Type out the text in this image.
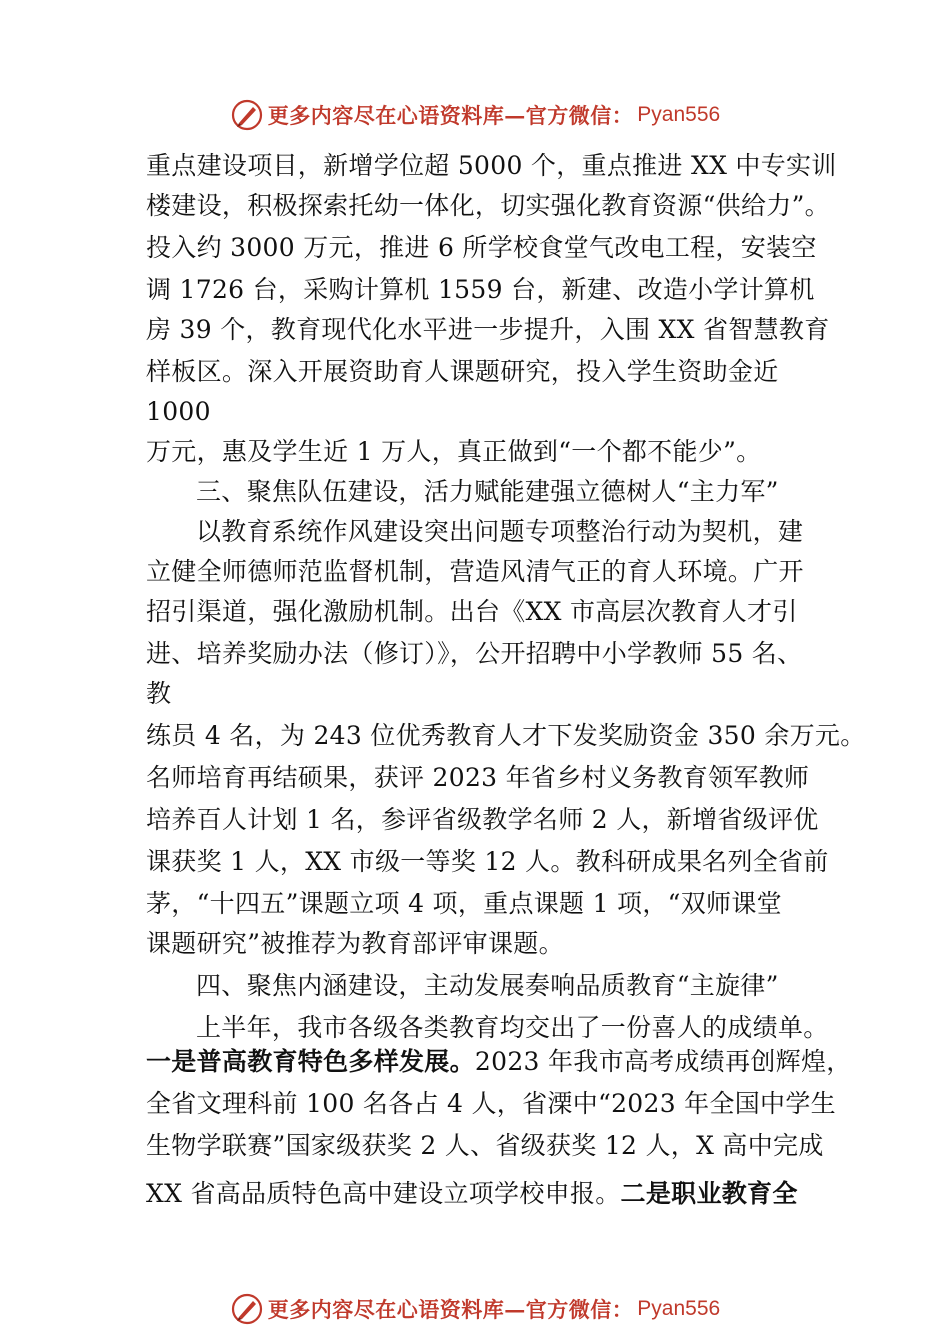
更多内容尽在心语资料库—官方微信： Pyan556
重点建设项目，新增学位超 5000 个，重点推进 XX 中专实训
楼建设，积极探索托幼一体化，切实强化教育资源“供给力”。
投入约 3000 万元，推进 6 所学校食堂气改电工程，安装空
调 1726 台，采购计算机 1559 台，新建、改造小学计算机
房 39 个，教育现代化水平进一步提升，入围 XX 省智慧教育
样板区。深入开展资助育人课题研究，投入学生资助金近
1000
万元，惠及学生近 1 万人，真正做到“一个都不能少”。
三、聚焦队伍建设，活力赋能建强立德树人“主力军”
以教育系统作风建设突出问题专项整治行动为契机，建
立健全师德师范监督机制，营造风清气正的育人环境。广开
招引渠道，强化激励机制。出台《XX 市高层次教育人才引
进、培养奖励办法（修订）》，公开招聘中小学教师 55 名、
教
练员 4 名，为 243 位优秀教育人才下发奖励资金 350 余万元。
名师培育再结硕果，获评 2023 年省乡村义务教育领军教师
培养百人计划 1 名，参评省级教学名师 2 人，新增省级评优
课获奖 1 人，XX 市级一等奖 12 人。教科研成果名列全省前
茅，“十四五”课题立项 4 项，重点课题 1 项，“双师课堂
课题研究”被推荐为教育部评审课题。
四、聚焦内涵建设，主动发展奏响品质教育“主旋律”
上半年，我市各级各类教育均交出了一份喜人的成绩单。
一是普高教育特色多样发展。2023 年我市高考成绩再创辉煌，
全省文理科前 100 名各占 4 人，省溧中“2023 年全国中学生
生物学联赛”国家级获奖 2 人、省级获奖 12 人，X 高中完成
XX 省高品质特色高中建设立项学校申报。二是职业教育全
更多内容尽在心语资料库—官方微信： Pyan556
